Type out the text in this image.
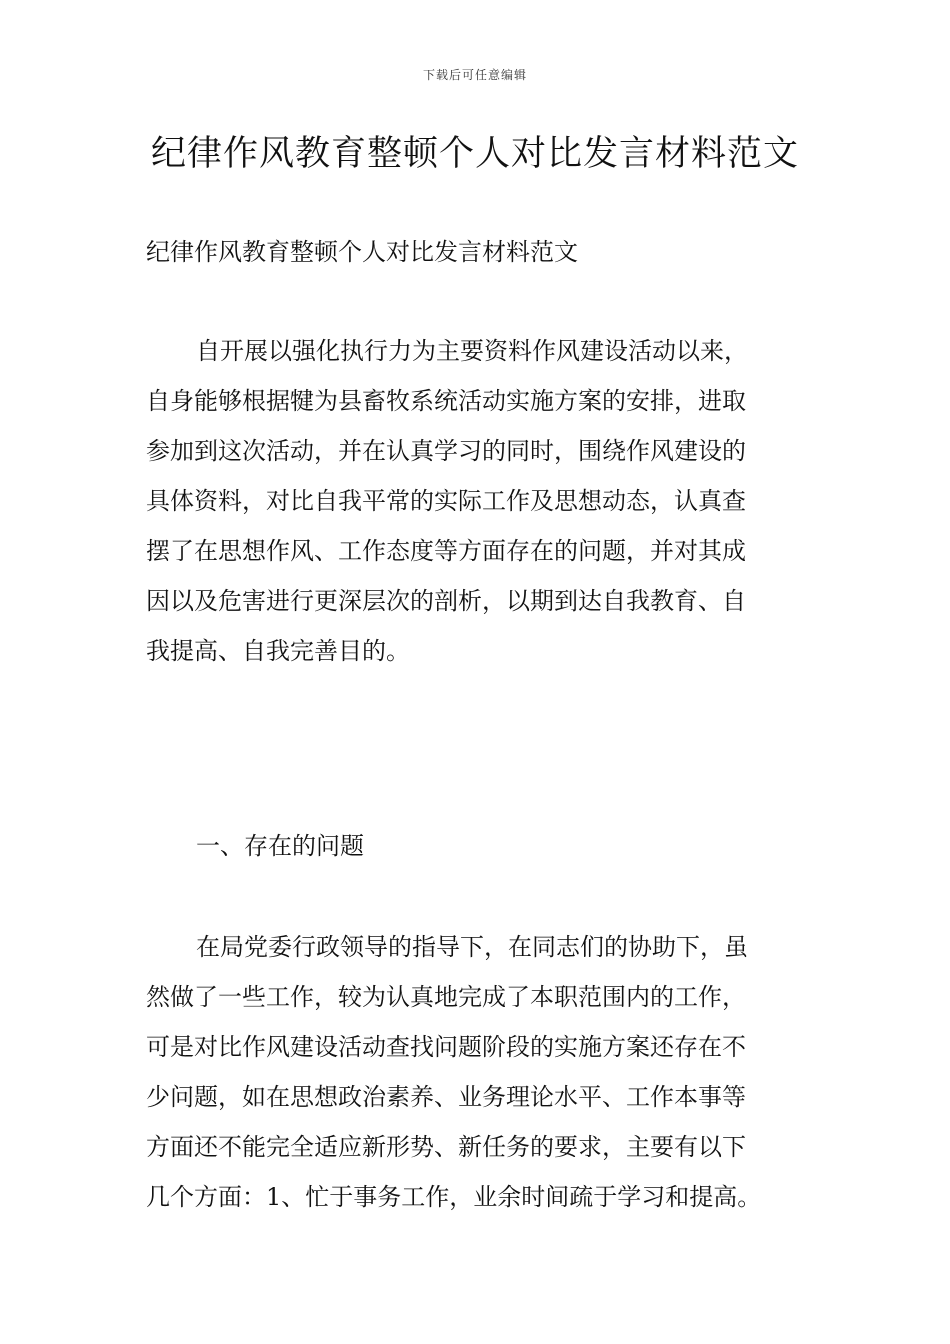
下载后可任意编辑
纪律作风教育整顿个人对比发言材料范文

纪律作风教育整顿个人对比发言材料范文

自开展以强化执行力为主要资料作风建设活动以来，
自身能够根据犍为县畜牧系统活动实施方案的安排，进取
参加到这次活动，并在认真学习的同时，围绕作风建设的
具体资料，对比自我平常的实际工作及思想动态，认真查
摆了在思想作风、工作态度等方面存在的问题，并对其成
因以及危害进行更深层次的剖析，以期到达自我教育、自
我提高、自我完善目的。

一、存在的问题

在局党委行政领导的指导下，在同志们的协助下，虽
然做了一些工作，较为认真地完成了本职范围内的工作，
可是对比作风建设活动查找问题阶段的实施方案还存在不
少问题，如在思想政治素养、业务理论水平、工作本事等
方面还不能完全适应新形势、新任务的要求，主要有以下
几个方面：1、忙于事务工作，业余时间疏于学习和提高。
